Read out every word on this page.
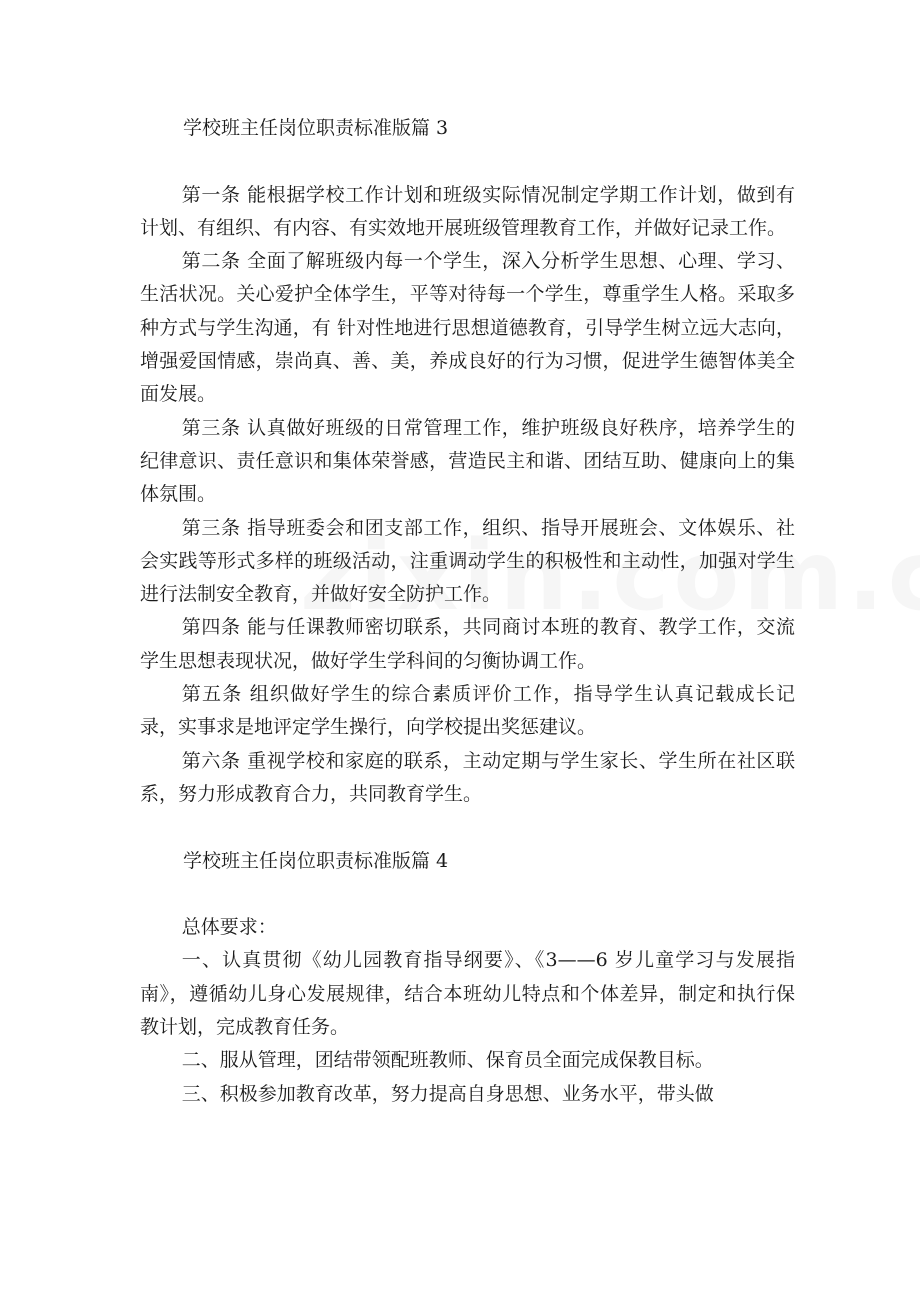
学校班主任岗位职责标准版篇 3

第一条 能根据学校工作计划和班级实际情况制定学期工作计划，做到有计划、有组织、有内容、有实效地开展班级管理教育工作，并做好记录工作。

第二条 全面了解班级内每一个学生，深入分析学生思想、心理、学习、生活状况。关心爱护全体学生，平等对待每一个学生，尊重学生人格。采取多种方式与学生沟通，有 针对性地进行思想道德教育，引导学生树立远大志向，增强爱国情感，崇尚真、善、美，养成良好的行为习惯，促进学生德智体美全面发展。

第三条 认真做好班级的日常管理工作，维护班级良好秩序，培养学生的纪律意识、责任意识和集体荣誉感，营造民主和谐、团结互助、健康向上的集体氛围。

第三条 指导班委会和团支部工作，组织、指导开展班会、文体娱乐、社会实践等形式多样的班级活动，注重调动学生的积极性和主动性，加强对学生进行法制安全教育，并做好安全防护工作。

第四条 能与任课教师密切联系，共同商讨本班的教育、教学工作，交流学生思想表现状况，做好学生学科间的匀衡协调工作。

第五条 组织做好学生的综合素质评价工作，指导学生认真记载成长记录，实事求是地评定学生操行，向学校提出奖惩建议。

第六条 重视学校和家庭的联系，主动定期与学生家长、学生所在社区联系，努力形成教育合力，共同教育学生。

学校班主任岗位职责标准版篇 4

总体要求：

一、认真贯彻《幼儿园教育指导纲要》、《3——6 岁儿童学习与发展指南》，遵循幼儿身心发展规律，结合本班幼儿特点和个体差异，制定和执行保教计划，完成教育任务。

二、服从管理，团结带领配班教师、保育员全面完成保教目标。

三、积极参加教育改革，努力提高自身思想、业务水平，带头做
